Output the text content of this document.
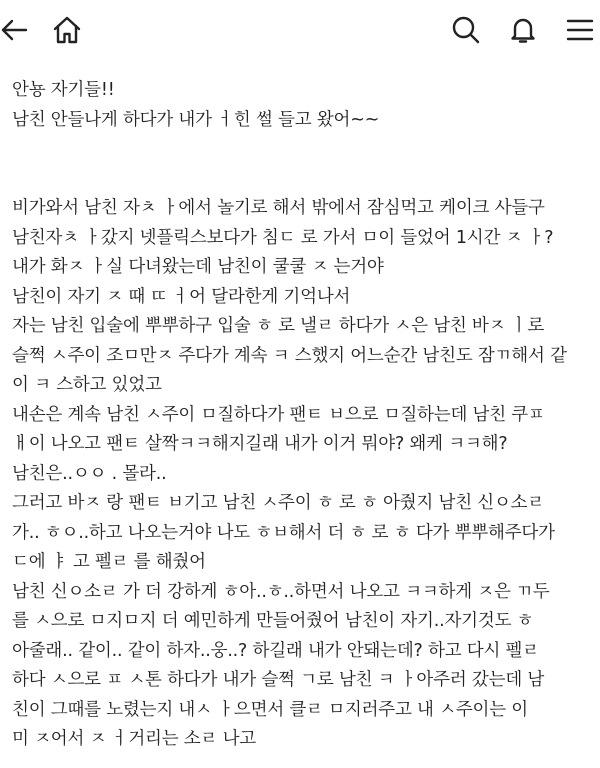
안뇽 자기들!!
남친 안들나게 하다가 내가 ㅓ힌 썰 들고 왔어~~
비가와서 남친 자ㅊ ㅏ에서 놀기로 해서 밖에서 잠심먹고 케이크 사들구
남친자ㅊ ㅏ갔지 넷플릭스보다가 침ㄷ 로 가서 ㅁ이 들었어 1시간 ㅈ ㅏ?
내가 화ㅈ ㅏ실 다녀왔는데 남친이 쿨쿨 ㅈ 는거야
남친이 자기 ㅈ 때 ㄸ ㅓ어 달라한게 기억나서
자는 남친 입술에 뿌뿌하구 입술 ㅎ 로 낼ㄹ 하다가 ㅅ은 남친 바ㅈ ㅣ로
슬쩍 ㅅ주이 조ㅁ만ㅈ 주다가 계속 ㅋ 스했지 어느순간 남친도 잠ㄲ해서 같
이 ㅋ 스하고 있었고
내손은 계속 남친 ㅅ주이 ㅁ질하다가 팬ㅌ ㅂ으로 ㅁ질하는데 남친 쿠ㅍ
ㅐ이 나오고 팬ㅌ 살짝ㅋㅋ해지길래 내가 이거 뭐야? 왜케 ㅋㅋ해?
남친은..ㅇㅇ . 몰라..
그러고 바ㅈ 랑 팬ㅌ ㅂ기고 남친 ㅅ주이 ㅎ 로 ㅎ 아줬지 남친 신ㅇ소ㄹ
가.. ㅎㅇ..하고 나오는거야 나도 ㅎㅂ해서 더 ㅎ 로 ㅎ 다가 뿌뿌해주다가
ㄷ에 ㅑ 고 펠ㄹ 를 해줬어
남친 신ㅇ소ㄹ 가 더 강하게 ㅎ아..ㅎ..하면서 나오고 ㅋㅋ하게 ㅈ은 ㄲ두
를 ㅅ으로 ㅁ지ㅁ지 더 예민하게 만들어줬어 남친이 자기..자기것도 ㅎ
아줄래.. 같이.. 같이 하자..웅..? 하길래 내가 안돼는데? 하고 다시 펠ㄹ
하다 ㅅ으로 ㅍ ㅅ톤 하다가 내가 슬쩍 ㄱ로 남친 ㅋ ㅏ아주러 갔는데 남
친이 그때를 노렸는지 내ㅅ ㅏ으면서 클ㄹ ㅁ지러주고 내 ㅅ주이는 이
미 ㅈ어서 ㅈ ㅓ거리는 소ㄹ 나고
